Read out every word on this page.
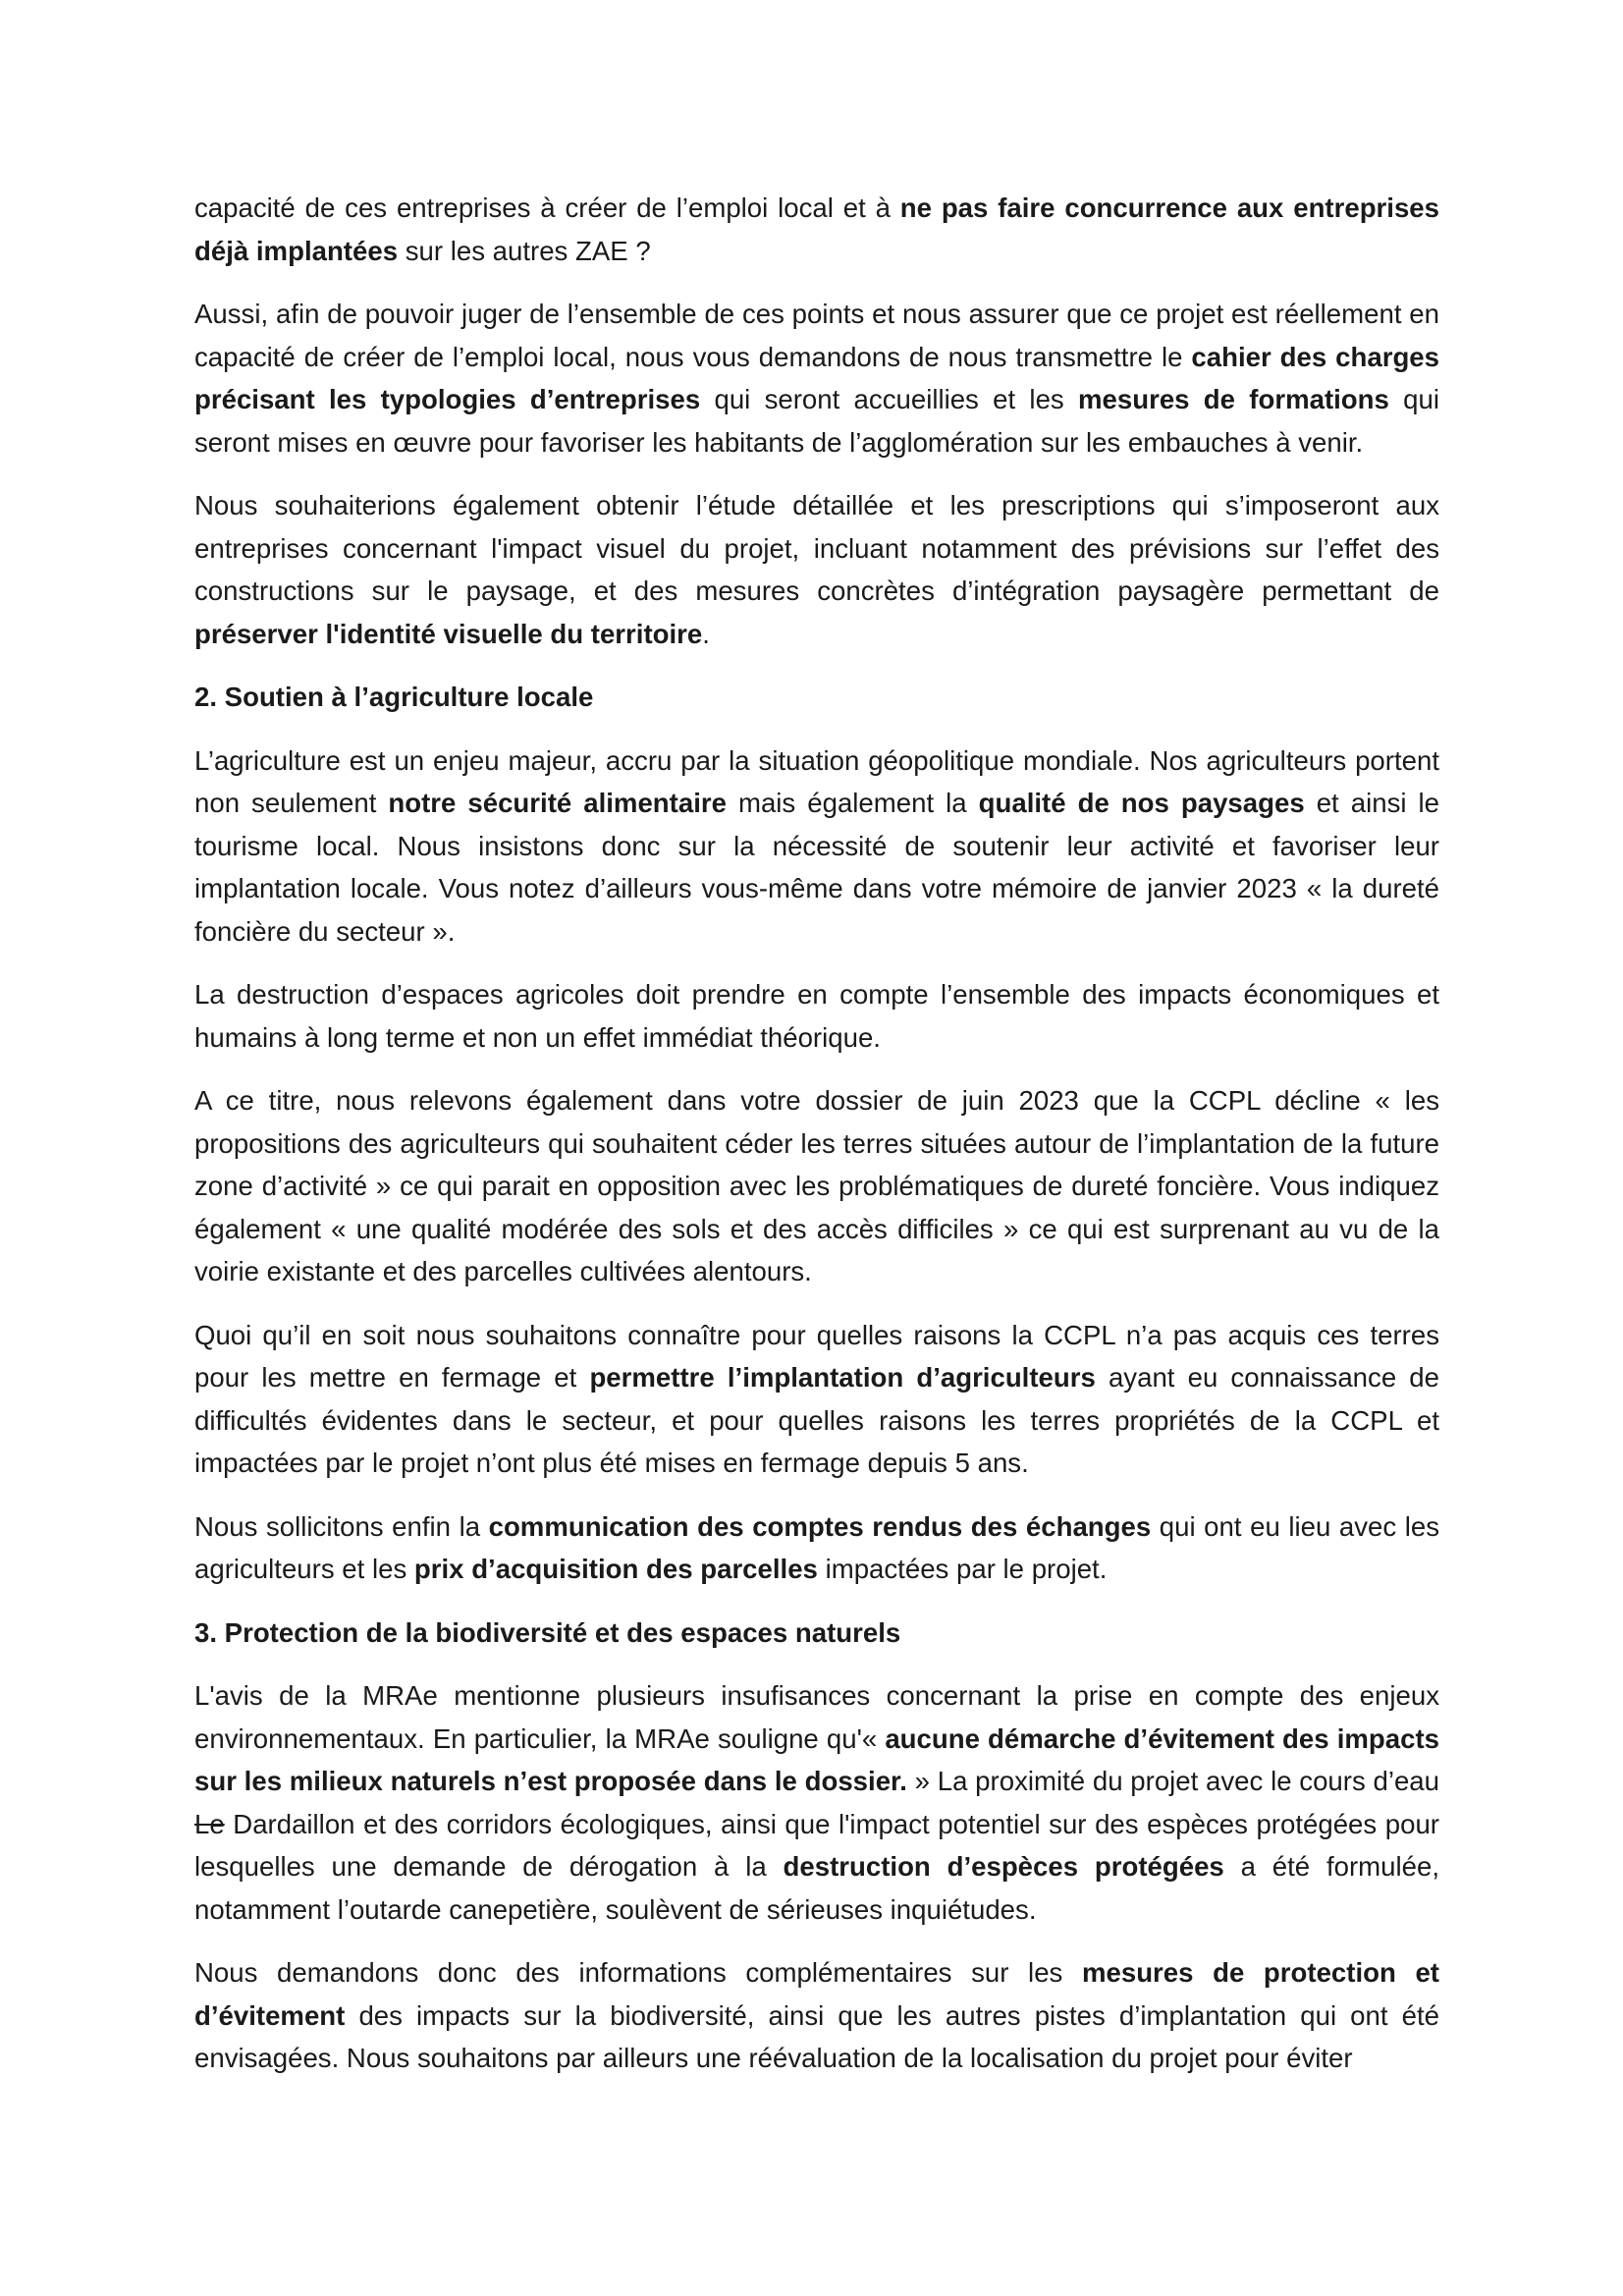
capacité de ces entreprises à créer de l’emploi local et à ne pas faire concurrence aux entreprises déjà implantées sur les autres ZAE ?

Aussi, afin de pouvoir juger de l’ensemble de ces points et nous assurer que ce projet est réellement en capacité de créer de l’emploi local, nous vous demandons de nous transmettre le cahier des charges précisant les typologies d’entreprises qui seront accueillies et les mesures de formations qui seront mises en œuvre pour favoriser les habitants de l’agglomération sur les embauches à venir.

Nous souhaiterions également obtenir l’étude détaillée et les prescriptions qui s’imposeront aux entreprises concernant l'impact visuel du projet, incluant notamment des prévisions sur l’effet des constructions sur le paysage, et des mesures concrètes d’intégration paysagère permettant de préserver l'identité visuelle du territoire.

2. Soutien à l’agriculture locale

L’agriculture est un enjeu majeur, accru par la situation géopolitique mondiale. Nos agriculteurs portent non seulement notre sécurité alimentaire mais également la qualité de nos paysages et ainsi le tourisme local. Nous insistons donc sur la nécessité de soutenir leur activité et favoriser leur implantation locale. Vous notez d’ailleurs vous-même dans votre mémoire de janvier 2023 « la dureté foncière du secteur ».

La destruction d’espaces agricoles doit prendre en compte l’ensemble des impacts économiques et humains à long terme et non un effet immédiat théorique.

A ce titre, nous relevons également dans votre dossier de juin 2023 que la CCPL décline « les propositions des agriculteurs qui souhaitent céder les terres situées autour de l’implantation de la future zone d’activité » ce qui parait en opposition avec les problématiques de dureté foncière. Vous indiquez également « une qualité modérée des sols et des accès difficiles » ce qui est surprenant au vu de la voirie existante et des parcelles cultivées alentours.

Quoi qu’il en soit nous souhaitons connaître pour quelles raisons la CCPL n’a pas acquis ces terres pour les mettre en fermage et permettre l’implantation d’agriculteurs ayant eu connaissance de difficultés évidentes dans le secteur, et pour quelles raisons les terres propriétés de la CCPL et impactées par le projet n’ont plus été mises en fermage depuis 5 ans.

Nous sollicitons enfin la communication des comptes rendus des échanges qui ont eu lieu avec les agriculteurs et les prix d’acquisition des parcelles impactées par le projet.

3. Protection de la biodiversité et des espaces naturels

L'avis de la MRAe mentionne plusieurs insufisances concernant la prise en compte des enjeux environnementaux. En particulier, la MRAe souligne qu'« aucune démarche d’évitement des impacts sur les milieux naturels n’est proposée dans le dossier. » La proximité du projet avec le cours d’eau Le Dardaillon et des corridors écologiques, ainsi que l'impact potentiel sur des espèces protégées pour lesquelles une demande de dérogation à la destruction d’espèces protégées a été formulée, notamment l’outarde canepetière, soulèvent de sérieuses inquiétudes.

Nous demandons donc des informations complémentaires sur les mesures de protection et d’évitement des impacts sur la biodiversité, ainsi que les autres pistes d’implantation qui ont été envisagées. Nous souhaitons par ailleurs une réévaluation de la localisation du projet pour éviter
